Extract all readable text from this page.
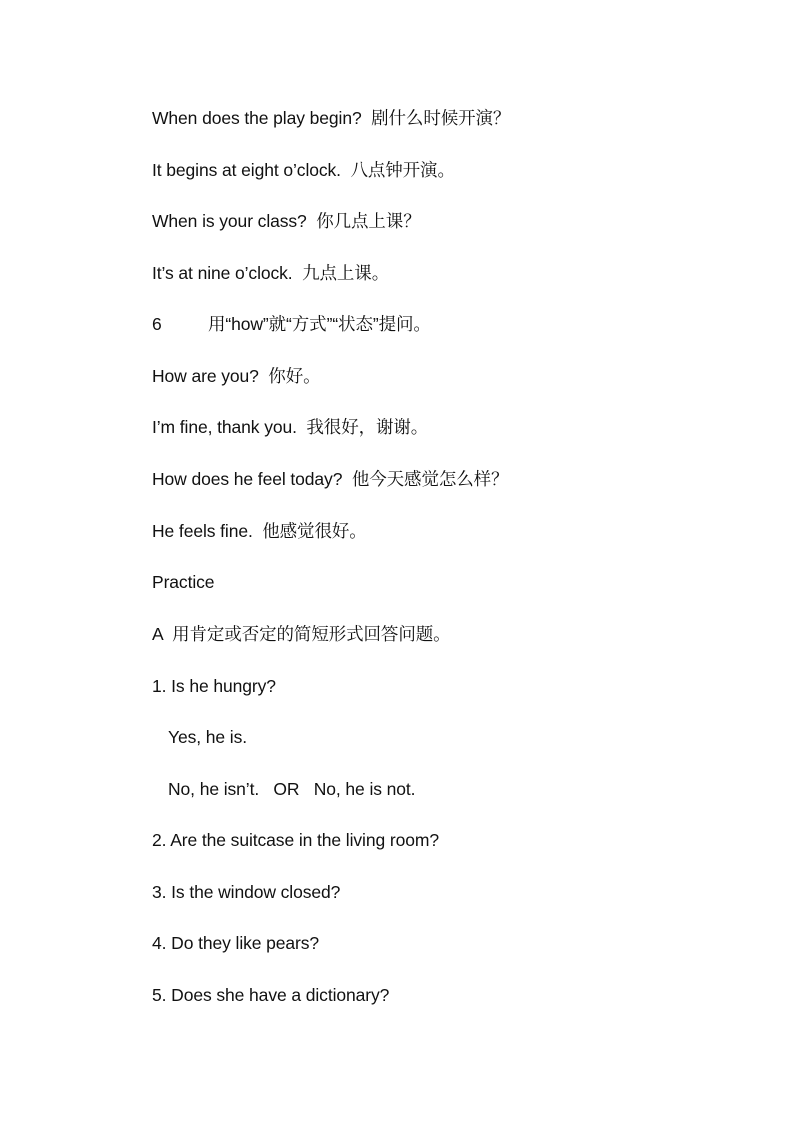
When does the play begin?  剧什么时候开演？
It begins at eight o’clock.  八点钟开演。
When is your class?  你几点上课？
It’s at nine o’clock.  九点上课。
6	用“how”就“方式”“状态”提问。
How are you?  你好。
I’m fine, thank you.  我很好，谢谢。
How does he feel today?  他今天感觉怎么样？
He feels fine.  他感觉很好。
Practice
A  用肯定或否定的简短形式回答问题。
1. Is he hungry?
Yes, he is.
No, he isn’t.   OR   No, he is not.
2. Are the suitcase in the living room?
3. Is the window closed?
4. Do they like pears?
5. Does she have a dictionary?
